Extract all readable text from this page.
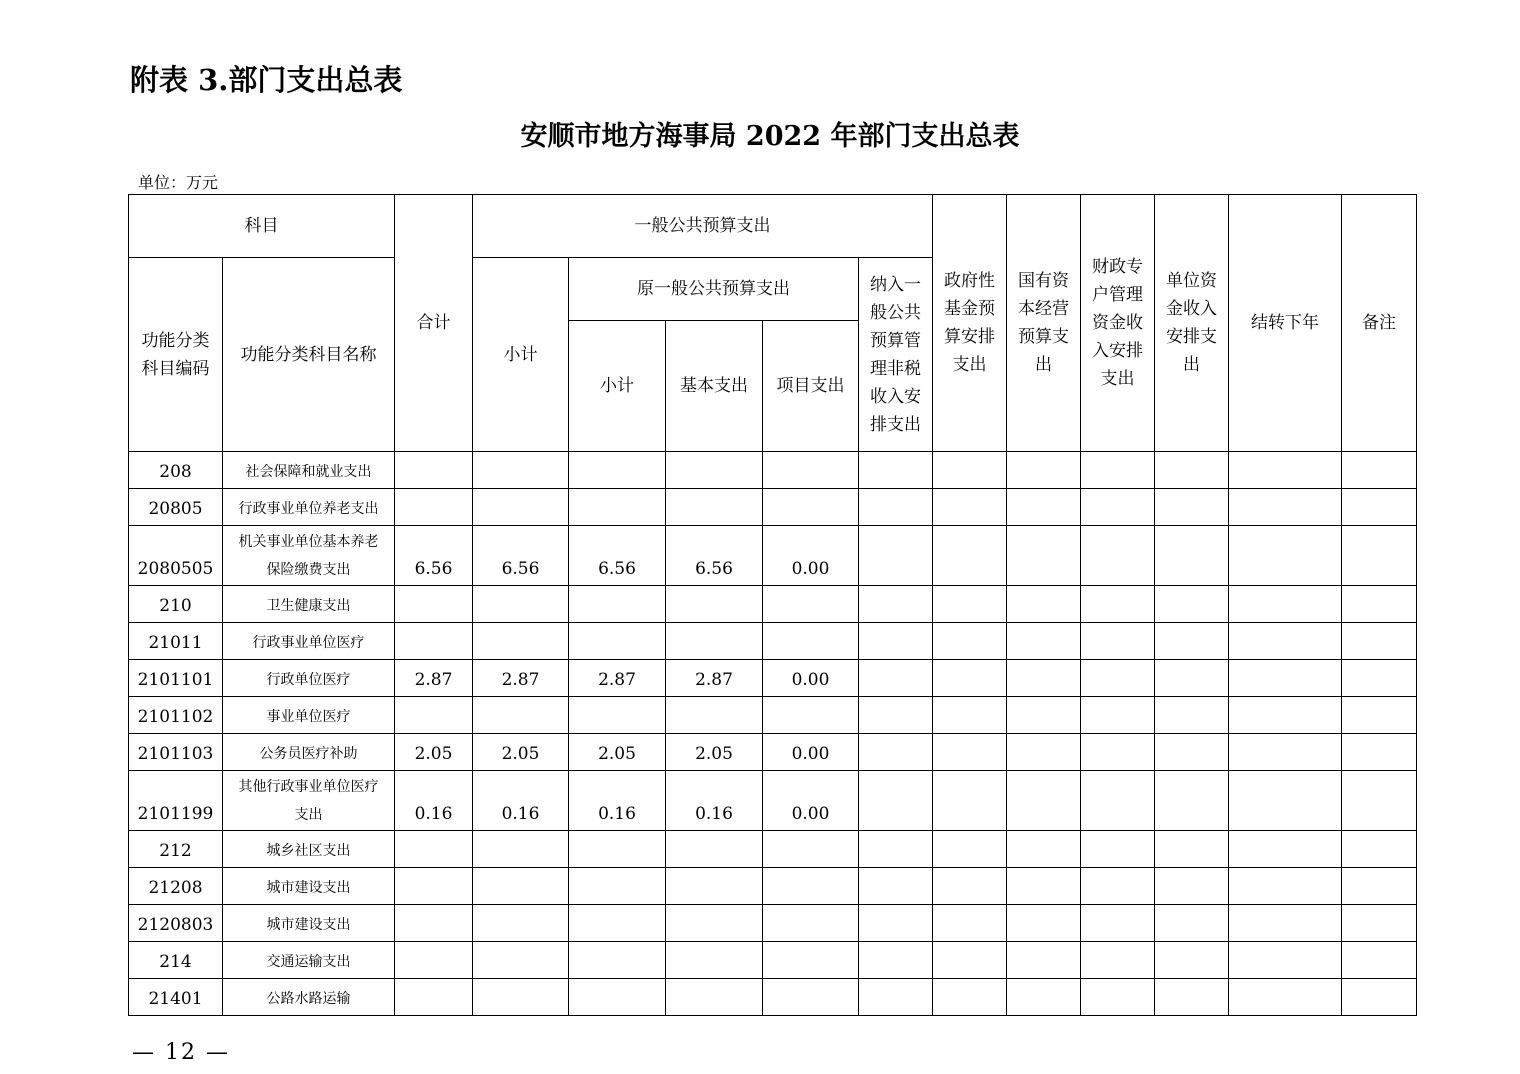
附表 3.部门支出总表
安顺市地方海事局 2022 年部门支出总表
单位：万元
科目		合计	一般公共预算支出					政府性基金预算安排支出	国有资本经营预算支出	财政专户管理资金收入安排支出	单位资金收入安排支出	结转下年	备注
功能分类科目编码	功能分类科目名称		小计	原一般公共预算支出			纳入一般公共预算管理非税收入安排支出						
				小计	基本支出	项目支出							
208	社会保障和就业支出												
20805	行政事业单位养老支出												
2080505	机关事业单位基本养老保险缴费支出	6.56	6.56	6.56	6.56	0.00							
210	卫生健康支出												
21011	行政事业单位医疗												
2101101	行政单位医疗	2.87	2.87	2.87	2.87	0.00							
2101102	事业单位医疗												
2101103	公务员医疗补助	2.05	2.05	2.05	2.05	0.00							
2101199	其他行政事业单位医疗支出	0.16	0.16	0.16	0.16	0.00							
212	城乡社区支出												
21208	城市建设支出												
2120803	城市建设支出												
214	交通运输支出												
21401	公路水路运输												
— 12 —
